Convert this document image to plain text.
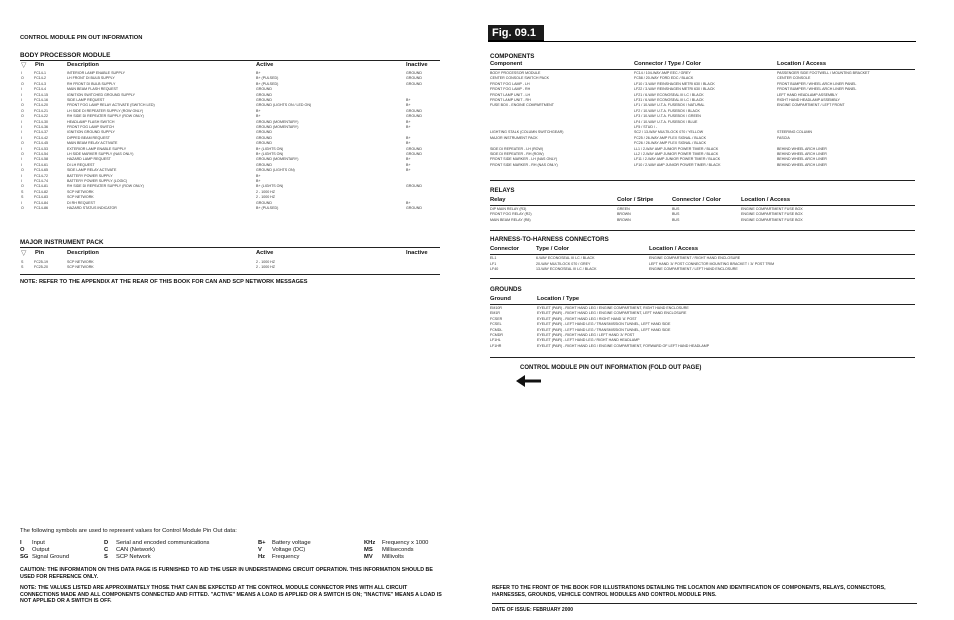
CONTROL MODULE PIN OUT INFORMATION
BODY PROCESSOR MODULE
▽ Pin	Description	Active	Inactive
I	FC14-1	INTERIOR LAMP ENABLE SUPPLY	B+	GROUND
O	FC14-2	LH FRONT DI BULB SUPPLY	B+ (PULSED)	GROUND
O	FC14-3	RH FRONT DI BULB SUPPLY	B+ (PULSED)	GROUND
I	FC14-4	MAIN BEAM FLASH REQUEST	GROUND
I	FC14-15	IGNITION SWITCHED GROUND SUPPLY	GROUND
I	FC14-16	SIDE LAMP REQUEST	GROUND	B+
O	FC14-20	FRONT FOG LAMP RELAY ACTIVATE (SWITCH LED)	GROUND (LIGHTS ON / LED ON)	B+
O	FC14-21	LH SIDE DI REPEATER SUPPLY (ROW ONLY)	B+	GROUND
O	FC14-22	RH SIDE DI REPEATER SUPPLY (ROW ONLY)	B+	GROUND
I	FC14-30	HEADLAMP FLASH SWITCH	GROUND (MOMENTARY)	B+
I	FC14-36	FRONT FOG LAMP SWITCH	GROUND (MOMENTARY)	B+
I	FC14-37	IGNITION GROUND SUPPLY	GROUND
I	FC14-42	DIPPED BEAM REQUEST	GROUND	B+
O	FC14-45	MAIN BEAM RELAY ACTIVATE	GROUND	B+
I	FC14-53	EXTERIOR LAMP ENABLE SUPPLY	B+ (LIGHTS ON)	GROUND
O	FC14-54	LH SIDE MARKER SUPPLY (NAS ONLY)	B+ (LIGHTS ON)	GROUND
I	FC14-58	HAZARD LAMP REQUEST	GROUND (MOMENTARY)	B+
I	FC14-61	DI LH REQUEST	GROUND	B+
O	FC14-65	SIDE LAMP RELAY ACTIVATE	GROUND (LIGHTS ON)	B+
I	FC14-72	BATTERY POWER SUPPLY	B+
I	FC14-74	BATTERY POWER SUPPLY (LOGIC)	B+
O	FC14-81	RH SIDE DI REPEATER SUPPLY (ROW ONLY)	B+ (LIGHTS ON)	GROUND
S	FC14-82	SCP NETWORK	2 - 1000 HZ
S	FC14-83	SCP NETWORK	2 - 1000 HZ
I	FC14-84	DI RH REQUEST	GROUND	B+
O	FC14-86	HAZARD STATUS INDICATOR	B+ (PULSED)	GROUND
MAJOR INSTRUMENT PACK
▽ Pin	Description	Active	Inactive
S	FC25-19	SCP NETWORK	2 - 1000 HZ
S	FC25-20	SCP NETWORK	2 - 1000 HZ
NOTE: REFER TO THE APPENDIX AT THE REAR OF THIS BOOK FOR CAN AND SCP NETWORK MESSAGES
The following symbols are used to represent values for Control Module Pin Out data:
I Input	D Serial and encoded communications	B+ Battery voltage	KHz Frequency x 1000
O Output	C CAN (Network)	V Voltage (DC)	MS Milliseconds
SG Signal Ground	S SCP Network	Hz Frequency	MV Millivolts
CAUTION: THE INFORMATION ON THIS DATA PAGE IS FURNISHED TO AID THE USER IN UNDERSTANDING CIRCUIT OPERATION. THIS INFORMATION SHOULD BE USED FOR REFERENCE ONLY.
NOTE: THE VALUES LISTED ARE APPROXIMATELY THOSE THAT CAN BE EXPECTED AT THE CONTROL MODULE CONNECTOR PINS WITH ALL CIRCUIT CONNECTIONS MADE AND ALL COMPONENTS CONNECTED AND FITTED. "ACTIVE" MEANS A LOAD IS APPLIED OR A SWITCH IS ON; "INACTIVE" MEANS A LOAD IS NOT APPLIED OR A SWITCH IS OFF.
Fig. 09.1
COMPONENTS
Component	Connector / Type / Color	Location / Access
BODY PROCESSOR MODULE	FC14 / 104-WAY AMP EEC / GREY	PASSENGER SIDE FOOTWELL / MOUNTING BRACKET
CENTER CONSOLE SWITCH PACK	FC58 / 20-WAY FORD EDC / BLACK	CENTER CONSOLE
FRONT FOG LAMP - LH	LF10 / 3-WAY REINSHAGEN METRI 630 / BLACK	FRONT BUMPER / WHEEL ARCH LINER PANEL
FRONT FOG LAMP - RH	LF22 / 3-WAY REINSHAGEN METRI 630 / BLACK	FRONT BUMPER / WHEEL ARCH LINER PANEL
FRONT LAMP UNIT - LH	LF21 / 6-WAY ECONOSEAL III LC / BLACK	LEFT HAND HEADLAMP ASSEMBLY
FRONT LAMP UNIT - RH	LF31 / 6-WAY ECONOSEAL III LC / BLACK	RIGHT HAND HEADLAMP ASSEMBLY
FUSE BOX - ENGINE COMPARTMENT	LF1 / 10-WAY U.T.A. FUSEBOX / NATURAL	ENGINE COMPARTMENT / LEFT FRONT
LF2 / 10-WAY U.T.A. FUSEBOX / BLACK
LF3 / 10-WAY U.T.A. FUSEBOX / GREEN
LF4 / 10-WAY U.T.A. FUSEBOX / BLUE
LF5 / STUD / -
LIGHTING STALK (COLUMN SWITCHGEAR)	SC2 / 13-WAY MULTILOCK 070 / YELLOW	STEERING COLUMN
MAJOR INSTRUMENT PACK	FC25 / 26-WAY AMP FLEX SIGNAL / BLACK	FASCIA
FC26 / 26-WAY AMP FLEX SIGNAL / BLACK
SIDE DI REPEATER - LH (ROW)	LL1 / 2-WAY AMP JUNIOR POWER TIMER / BLACK	BEHIND WHEEL ARCH LINER
SIDE DI REPEATER - RH (ROW)	LL2 / 2-WAY AMP JUNIOR POWER TIMER / BLACK	BEHIND WHEEL ARCH LINER
FRONT SIDE MARKER - LH (NAS ONLY)	LF11 / 2-WAY AMP JUNIOR POWER TIMER / BLACK	BEHIND WHEEL ARCH LINER
FRONT SIDE MARKER - RH (NAS ONLY)	LF10 / 2-WAY AMP JUNIOR POWER TIMER / BLACK	BEHIND WHEEL ARCH LINER
RELAYS
Relay	Color / Stripe	Connector / Color	Location / Access
DIP MAIN RELAY (R3)	GREEN	BUS	ENGINE COMPARTMENT FUSE BOX
FRONT FOG RELAY (R2)	BROWN	BUS	ENGINE COMPARTMENT FUSE BOX
MAIN BEAM RELAY (R8)	BROWN	BUS	ENGINE COMPARTMENT FUSE BOX
HARNESS-TO-HARNESS CONNECTORS
Connector	Type / Color	Location / Access
EL1	6-WAY ECONOSEAL III LC / BLACK	ENGINE COMPARTMENT / RIGHT HAND ENCLOSURE
LF1	20-WAY MULTILOCK 070 / GREY	LEFT HAND 'A' POST CONNECTOR MOUNTING BRACKET / 'A' POST TRIM
LF40	13-WAY ECONOSEAL III LC / BLACK	ENGINE COMPARTMENT / LEFT HAND ENCLOSURE
GROUNDS
Ground	Location / Type
EM10R	EYELET (PAIR) - RIGHT HAND LEG / ENGINE COMPARTMENT, RIGHT HAND ENCLOSURE
EM1R	EYELET (PAIR) - RIGHT HAND LEG / ENGINE COMPARTMENT, LEFT HAND ENCLOSURE
FCSER	EYELET (PAIR) - RIGHT HAND LEG / RIGHT HAND 'A' POST
FCSEL	EYELET (PAIR) - LEFT HAND LEG / TRANSMISSION TUNNEL, LEFT HAND SIDE
FCMDL	EYELET (PAIR) - LEFT HAND LEG / TRANSMISSION TUNNEL, LEFT HAND SIDE
FCMDR	EYELET (PAIR) - RIGHT HAND LEG / LEFT HAND 'A' POST
LF1HL	EYELET (PAIR) - LEFT HAND LEG / RIGHT HAND HEADLAMP
LF1HR	EYELET (PAIR) - RIGHT HAND LEG / ENGINE COMPARTMENT, FORWARD OF LEFT HAND HEADLAMP
CONTROL MODULE PIN OUT INFORMATION (FOLD OUT PAGE)
REFER TO THE FRONT OF THE BOOK FOR ILLUSTRATIONS DETAILING THE LOCATION AND IDENTIFICATION OF COMPONENTS, RELAYS, CONNECTORS, HARNESSES, GROUNDS, VEHICLE CONTROL MODULES AND CONTROL MODULE PINS.
DATE OF ISSUE: FEBRUARY 2000
